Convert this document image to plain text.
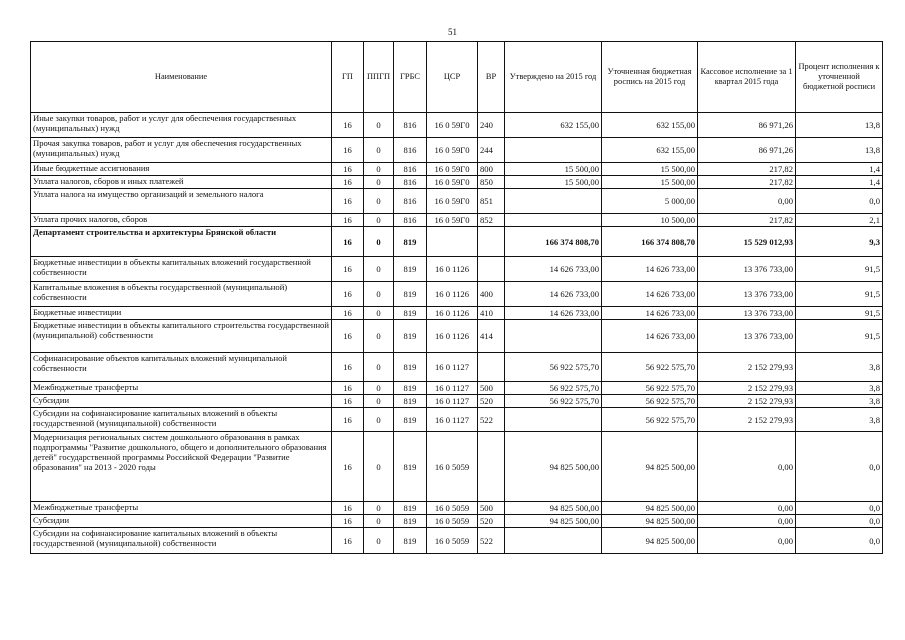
51
Наименование	ГП	ППГП	ГРБС	ЦСР	ВР	Утверждено на 2015 год	Уточненная бюджетная роспись на 2015 год	Кассовое исполнение за 1 квартал 2015 года	Процент исполнения к уточненной бюджетной росписи
Иные закупки товаров, работ и услуг для обеспечения государственных (муниципальных) нужд	16	0	816	16 0 59Г0	240	632 155,00	632 155,00	86 971,26	13,8
Прочая закупка товаров, работ и услуг для обеспечения государственных (муниципальных) нужд	16	0	816	16 0 59Г0	244		632 155,00	86 971,26	13,8
Иные бюджетные ассигнования	16	0	816	16 0 59Г0	800	15 500,00	15 500,00	217,82	1,4
Уплата налогов, сборов и иных платежей	16	0	816	16 0 59Г0	850	15 500,00	15 500,00	217,82	1,4
Уплата налога на имущество организаций и земельного налога	16	0	816	16 0 59Г0	851		5 000,00	0,00	0,0
Уплата прочих налогов, сборов	16	0	816	16 0 59Г0	852		10 500,00	217,82	2,1
Департамент строительства и архитектуры Брянской области	16	0	819			166 374 808,70	166 374 808,70	15 529 012,93	9,3
Бюджетные инвестиции в объекты капитальных вложений государственной собственности	16	0	819	16 0 1126		14 626 733,00	14 626 733,00	13 376 733,00	91,5
Капитальные вложения в объекты государственной (муниципальной) собственности	16	0	819	16 0 1126	400	14 626 733,00	14 626 733,00	13 376 733,00	91,5
Бюджетные инвестиции	16	0	819	16 0 1126	410	14 626 733,00	14 626 733,00	13 376 733,00	91,5
Бюджетные инвестиции в объекты капитального строительства государственной (муниципальной) собственности	16	0	819	16 0 1126	414		14 626 733,00	13 376 733,00	91,5
Софинансирование объектов капитальных вложений муниципальной собственности	16	0	819	16 0 1127		56 922 575,70	56 922 575,70	2 152 279,93	3,8
Межбюджетные трансферты	16	0	819	16 0 1127	500	56 922 575,70	56 922 575,70	2 152 279,93	3,8
Субсидии	16	0	819	16 0 1127	520	56 922 575,70	56 922 575,70	2 152 279,93	3,8
Субсидии на софинансирование капитальных вложений в объекты государственной (муниципальной) собственности	16	0	819	16 0 1127	522		56 922 575,70	2 152 279,93	3,8
Модернизация региональных систем дошкольного образования в рамках подпрограммы "Развитие дошкольного, общего и дополнительного образования детей" государственной программы Российской Федерации "Развитие образования" на 2013 - 2020 годы	16	0	819	16 0 5059		94 825 500,00	94 825 500,00	0,00	0,0
Межбюджетные трансферты	16	0	819	16 0 5059	500	94 825 500,00	94 825 500,00	0,00	0,0
Субсидии	16	0	819	16 0 5059	520	94 825 500,00	94 825 500,00	0,00	0,0
Субсидии на софинансирование капитальных вложений в объекты государственной (муниципальной) собственности	16	0	819	16 0 5059	522		94 825 500,00	0,00	0,0
